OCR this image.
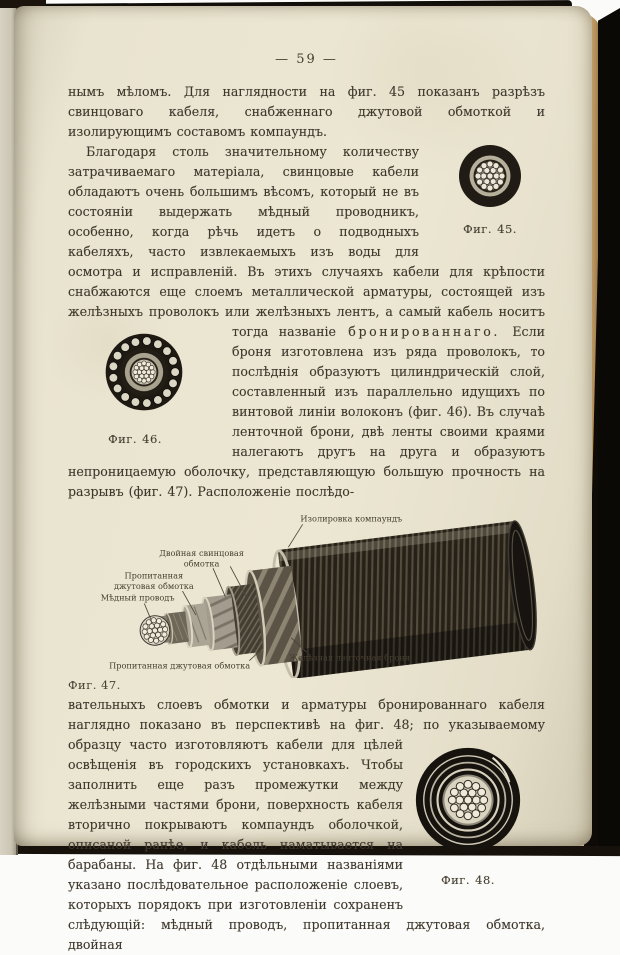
— 59 —

нымъ мѣломъ. Для наглядности на фиг. 45 показанъ разрѣзъ свинцоваго кабеля, снабженнаго джутовой обмоткой и изолирующимъ составомъ компаундъ.

Фиг. 45.
Благодаря столь значительному количеству затрачиваемаго матеріала, свинцовые кабели обладаютъ очень большимъ вѣсомъ, который не въ состояніи выдержать мѣдный проводникъ, особенно, когда рѣчь идетъ о подводныхъ кабеляхъ, часто извлекаемыхъ изъ воды для осмотра и исправленій. Въ этихъ случаяхъ кабели для крѣпости снабжаются еще слоемъ металлической арматуры, состоящей изъ желѣзныхъ проволокъ или желѣзныхъ лентъ, а самый кабель носитъ тогда названіе бронированнаго.
Фиг. 46.
Если броня изготовлена изъ ряда проволокъ, то послѣднія образуютъ цилиндрическій слой, составленный изъ параллельно идущихъ по винтовой линіи волоконъ (фиг. 46). Въ случаѣ ленточной брони, двѣ ленты своими краями налегаютъ другъ на друга и образуютъ непроницаемую оболочку, представляющую большую прочность на разрывъ (фиг. 47). Расположеніе послѣдо-

Изолировка компаундъ
Двойная свинцовая
обмотка
Пропитанная
джутовая обмотка
Мѣдный проводъ
Пропитанная джутовая обмотка
Желѣзная ленточная броня
Фиг. 47.

вательныхъ слоевъ обмотки и арматуры бронированнаго кабеля наглядно показано въ перспективѣ на фиг. 48; по указываемому образцу
Фиг. 48.
часто изготовляютъ кабели для цѣлей освѣщенія въ городскихъ установкахъ. Чтобы заполнить еще разъ промежутки между желѣзными частями брони, поверхность кабеля вторично покрываютъ компаундъ оболочкой, описаной ранѣе, и кабель наматывается на барабаны. На фиг. 48 отдѣльными названіями указано послѣдовательное расположеніе слоевъ, которыхъ порядокъ при изготовленіи сохраненъ слѣдующій: мѣдный проводъ, пропитанная джутовая обмотка, двойная
